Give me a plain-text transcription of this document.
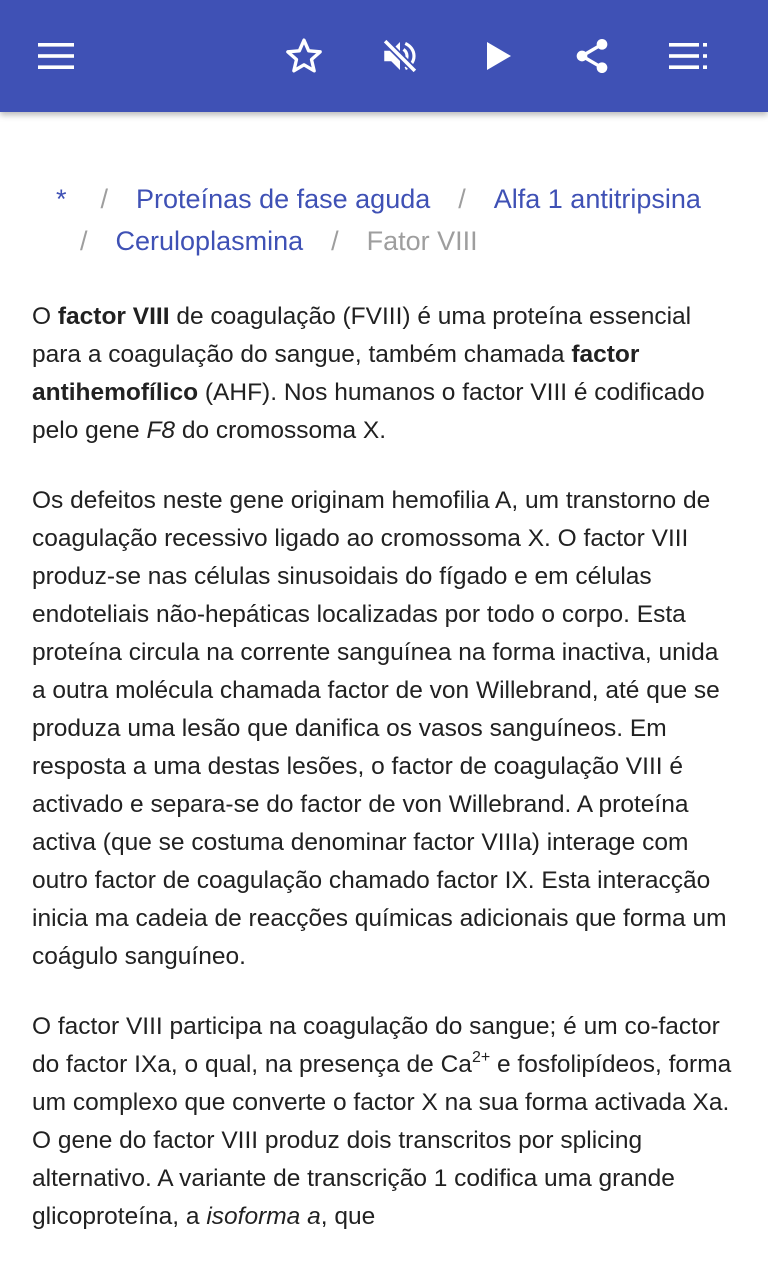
* / Proteínas de fase aguda / Alfa 1 antitripsina
/ Ceruloplasmina / Fator VIII

O factor VIII de coagulação (FVIII) é uma proteína essencial para a coagulação do sangue, também chamada factor antihemofílico (AHF). Nos humanos o factor VIII é codificado pelo gene F8 do cromossoma X.

Os defeitos neste gene originam hemofilia A, um transtorno de coagulação recessivo ligado ao cromossoma X. O factor VIII produz-se nas células sinusoidais do fígado e em células endoteliais não-hepáticas localizadas por todo o corpo. Esta proteína circula na corrente sanguínea na forma inactiva, unida a outra molécula chamada factor de von Willebrand, até que se produza uma lesão que danifica os vasos sanguíneos. Em resposta a uma destas lesões, o factor de coagulação VIII é activado e separa-se do factor de von Willebrand. A proteína activa (que se costuma denominar factor VIIIa) interage com outro factor de coagulação chamado factor IX. Esta interacção inicia ma cadeia de reacções químicas adicionais que forma um coágulo sanguíneo.

O factor VIII participa na coagulação do sangue; é um co-factor do factor IXa, o qual, na presença de $Ca^{2+}$ e fosfolipídeos, forma um complexo que converte o factor X na sua forma activada Xa. O gene do factor VIII produz dois transcritos por splicing alternativo. A variante de transcrição 1 codifica uma grande glicoproteína, a isoforma a, que
